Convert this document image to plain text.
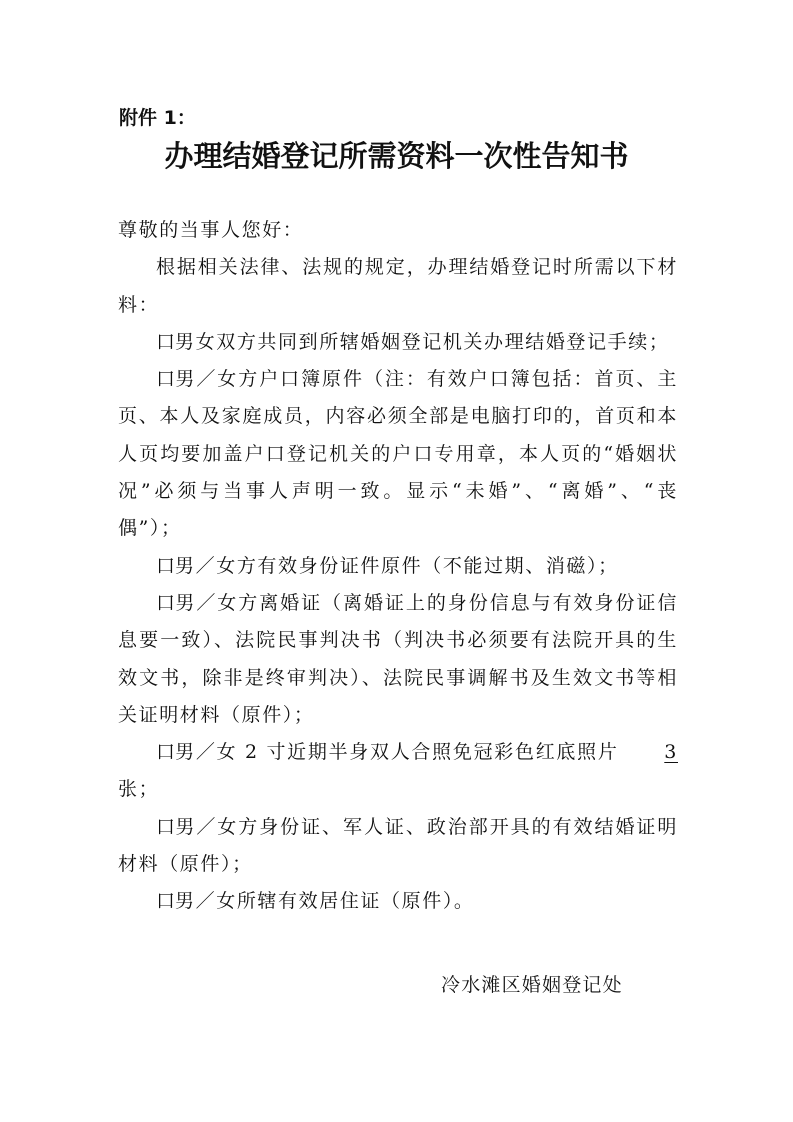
附件 1：
办理结婚登记所需资料一次性告知书

尊敬的当事人您好：

根据相关法律、法规的规定，办理结婚登记时所需以下材料：

口男女双方共同到所辖婚姻登记机关办理结婚登记手续；

口男／女方户口簿原件（注：有效户口簿包括：首页、主页、本人及家庭成员，内容必须全部是电脑打印的，首页和本人页均要加盖户口登记机关的户口专用章，本人页的“婚姻状况”必须与当事人声明一致。显示“未婚”、“离婚”、“丧偶”）；

口男／女方有效身份证件原件（不能过期、消磁）；

口男／女方离婚证（离婚证上的身份信息与有效身份证信息要一致）、法院民事判决书（判决书必须要有法院开具的生效文书，除非是终审判决）、法院民事调解书及生效文书等相关证明材料（原件）；

口男／女 2 寸近期半身双人合照免冠彩色红底照片 3张；

口男／女方身份证、军人证、政治部开具的有效结婚证明材料（原件）；

口男／女所辖有效居住证（原件）。

冷水滩区婚姻登记处
